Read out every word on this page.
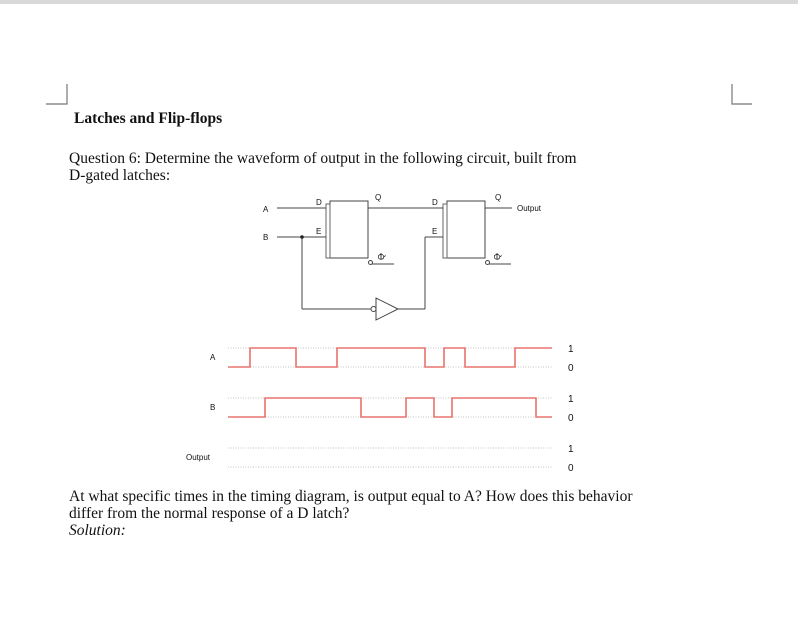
A
B
D
E
Q
Q
D
E
Q
Q
Output
A
B
Output
1
0
1
0
1
0
Latches and Flip-flops
Question 6: Determine the waveform of output in the following circuit, built from
D-gated latches:
At what specific times in the timing diagram, is output equal to A? How does this behavior
differ from the normal response of a D latch?
Solution:
